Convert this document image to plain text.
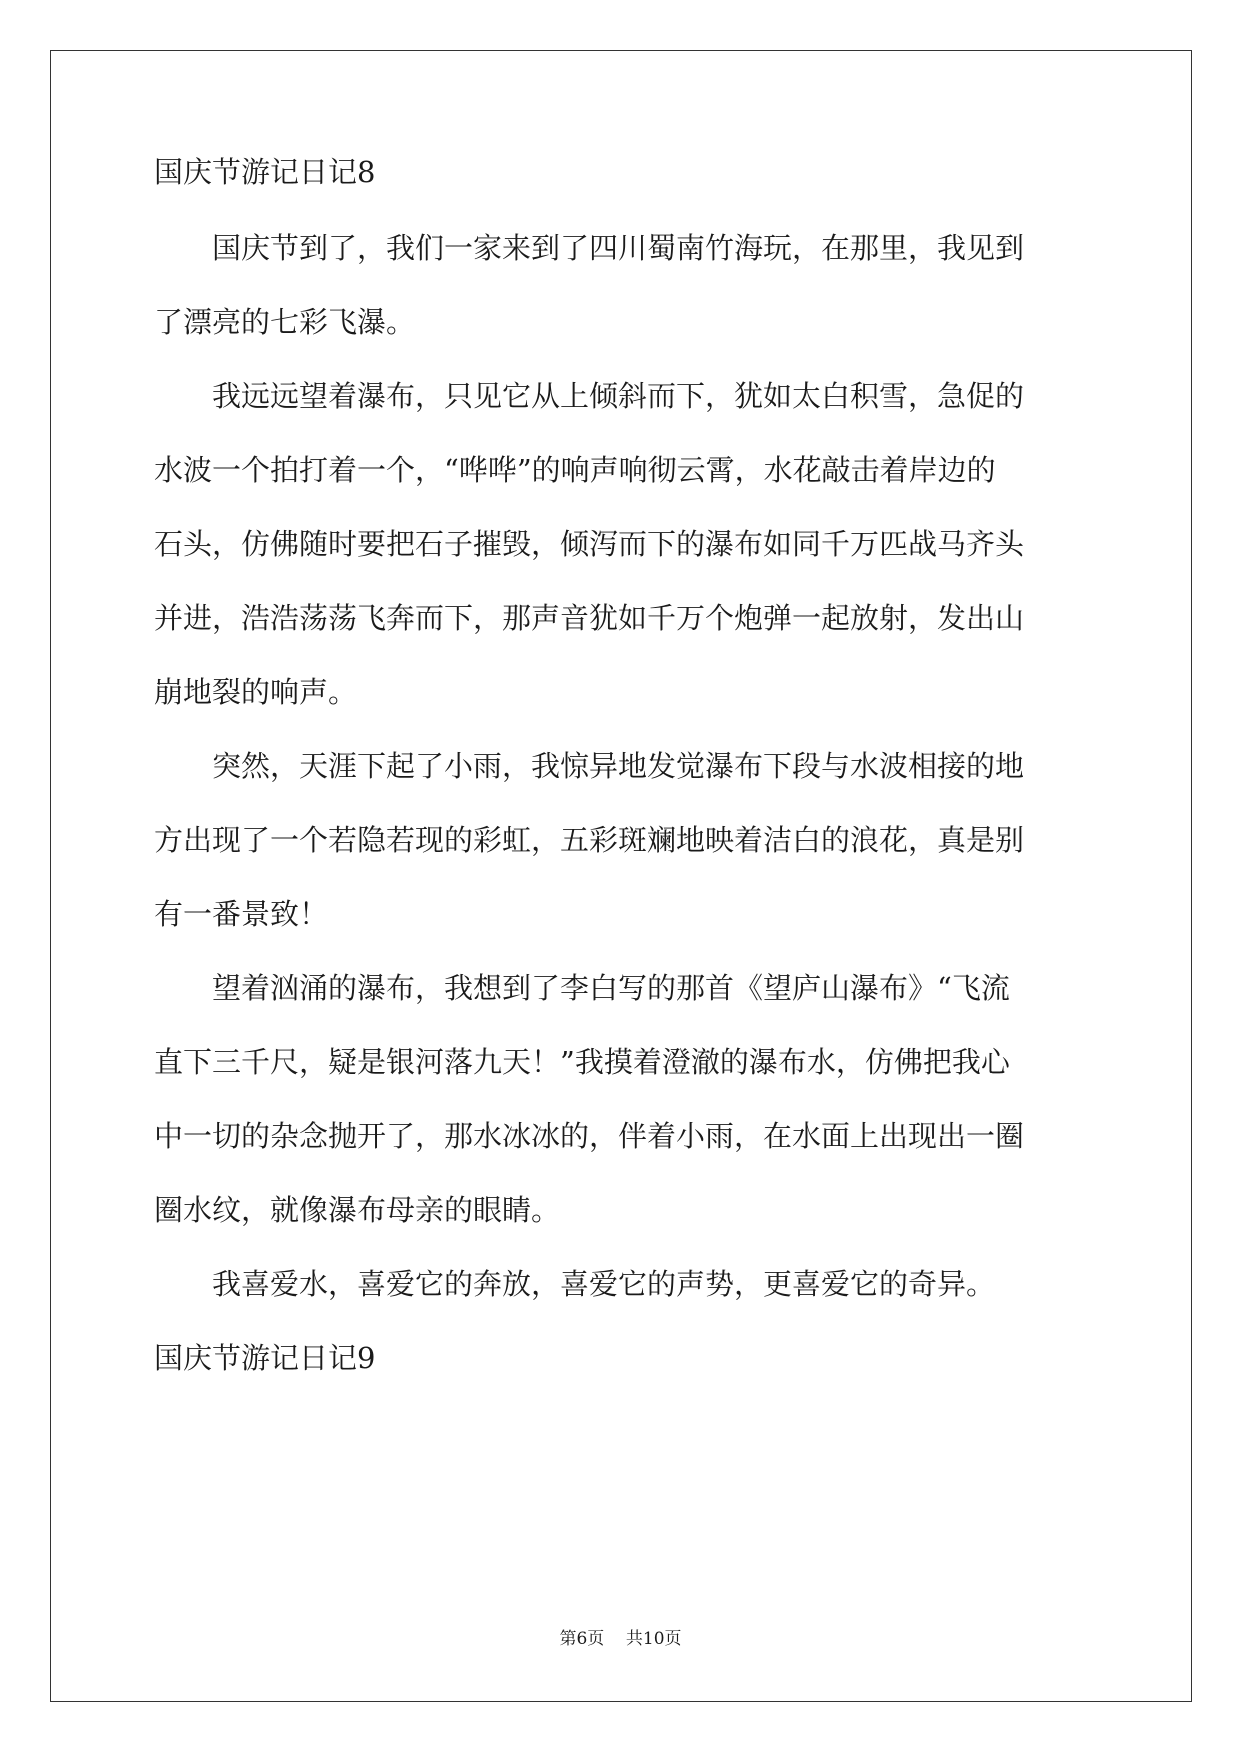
国庆节游记日记8
国庆节到了，我们一家来到了四川蜀南竹海玩，在那里，我见到
了漂亮的七彩飞瀑。
我远远望着瀑布，只见它从上倾斜而下，犹如太白积雪，急促的
水波一个拍打着一个，“哗哗”的响声响彻云霄，水花敲击着岸边的
石头，仿佛随时要把石子摧毁，倾泻而下的瀑布如同千万匹战马齐头
并进，浩浩荡荡飞奔而下，那声音犹如千万个炮弹一起放射，发出山
崩地裂的响声。
突然，天涯下起了小雨，我惊异地发觉瀑布下段与水波相接的地
方出现了一个若隐若现的彩虹，五彩斑斓地映着洁白的浪花，真是别
有一番景致！
望着汹涌的瀑布，我想到了李白写的那首《望庐山瀑布》“飞流
直下三千尺，疑是银河落九天！”我摸着澄澈的瀑布水，仿佛把我心
中一切的杂念抛开了，那水冰冰的，伴着小雨，在水面上出现出一圈
圈水纹，就像瀑布母亲的眼睛。
我喜爱水，喜爱它的奔放，喜爱它的声势，更喜爱它的奇异。
国庆节游记日记9
第6页    共10页
